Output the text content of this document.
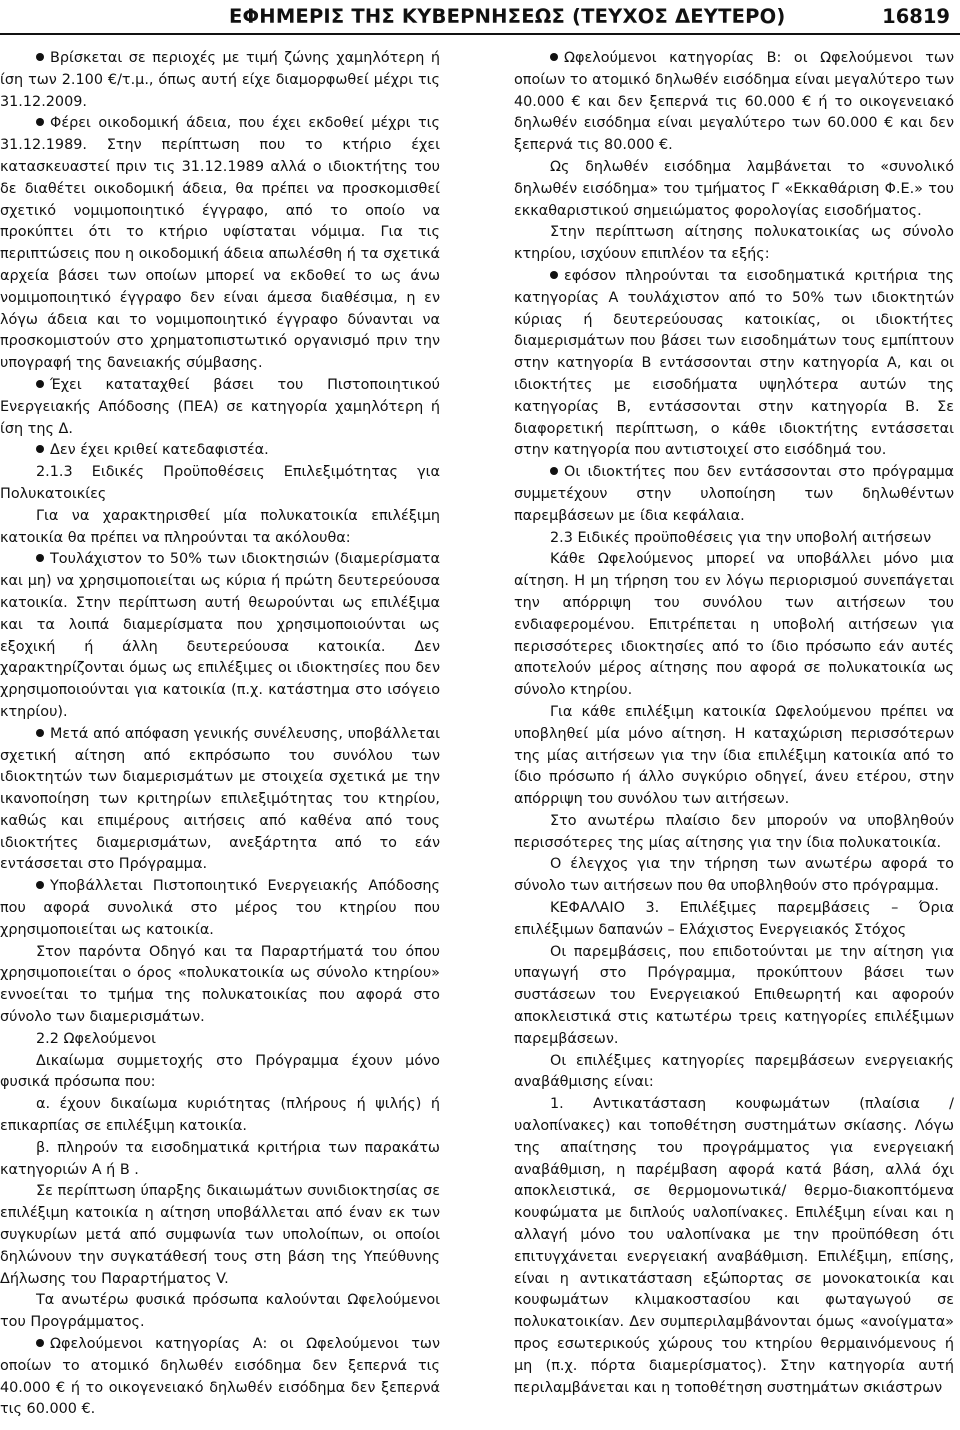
ΕΦΗΜΕΡΙΣ ΤΗΣ ΚΥΒΕΡΝΗΣΕΩΣ (ΤΕΥΧΟΣ ΔΕΥΤΕΡΟ)	16819

Βρίσκεται σε περιοχές με τιμή ζώνης χαμηλότερη ή ίση των 2.100 €/τ.μ., όπως αυτή είχε διαμορφωθεί μέχρι τις 31.12.2009.

Φέρει οικοδομική άδεια, που έχει εκδοθεί μέχρι τις 31.12.1989. Στην περίπτωση που το κτήριο έχει κατασκευαστεί πριν τις 31.12.1989 αλλά ο ιδιοκτήτης του δε διαθέτει οικοδομική άδεια, θα πρέπει να προσκομισθεί σχετικό νομιμοποιητικό έγγραφο, από το οποίο να προκύπτει ότι το κτήριο υφίσταται νόμιμα. Για τις περιπτώσεις που η οικοδομική άδεια απωλέσθη ή τα σχετικά αρχεία βάσει των οποίων μπορεί να εκδοθεί το ως άνω νομιμοποιητικό έγγραφο δεν είναι άμεσα διαθέσιμα, η εν λόγω άδεια και το νομιμοποιητικό έγγραφο δύνανται να προσκομιστούν στο χρηματοπιστωτικό οργανισμό πριν την υπογραφή της δανειακής σύμβασης.

Έχει καταταχθεί βάσει του Πιστοποιητικού Ενεργειακής Απόδοσης (ΠΕΑ) σε κατηγορία χαμηλότερη ή ίση της Δ.

Δεν έχει κριθεί κατεδαφιστέα.

2.1.3 Ειδικές Προϋποθέσεις Επιλεξιμότητας για Πολυκατοικίες

Για να χαρακτηρισθεί μία πολυκατοικία επιλέξιμη κατοικία θα πρέπει να πληρούνται τα ακόλουθα:

Τουλάχιστον το 50% των ιδιοκτησιών (διαμερίσματα και μη) να χρησιμοποιείται ως κύρια ή πρώτη δευτερεύουσα κατοικία. Στην περίπτωση αυτή θεωρούνται ως επιλέξιμα και τα λοιπά διαμερίσματα που χρησιμοποιούνται ως εξοχική ή άλλη δευτερεύουσα κατοικία. Δεν χαρακτηρίζονται όμως ως επιλέξιμες οι ιδιοκτησίες που δεν χρησιμοποιούνται για κατοικία (π.χ. κατάστημα στο ισόγειο κτηρίου).

Μετά από απόφαση γενικής συνέλευσης, υποβάλλεται σχετική αίτηση από εκπρόσωπο του συνόλου των ιδιοκτητών των διαμερισμάτων με στοιχεία σχετικά με την ικανοποίηση των κριτηρίων επιλεξιμότητας του κτηρίου, καθώς και επιμέρους αιτήσεις από καθένα από τους ιδιοκτήτες διαμερισμάτων, ανεξάρτητα από το εάν εντάσσεται στο Πρόγραμμα.

Υποβάλλεται Πιστοποιητικό Ενεργειακής Απόδοσης που αφορά συνολικά στο μέρος του κτηρίου που χρησιμοποιείται ως κατοικία.

Στον παρόντα Οδηγό και τα Παραρτήματά του όπου χρησιμοποιείται ο όρος «πολυκατοικία ως σύνολο κτηρίου» εννοείται το τμήμα της πολυκατοικίας που αφορά στο σύνολο των διαμερισμάτων.

2.2 Ωφελούμενοι

Δικαίωμα συμμετοχής στο Πρόγραμμα έχουν μόνο φυσικά πρόσωπα που:

α. έχουν δικαίωμα κυριότητας (πλήρους ή ψιλής) ή επικαρπίας σε επιλέξιμη κατοικία.

β. πληρούν τα εισοδηματικά κριτήρια των παρακάτω κατηγοριών Α ή Β .

Σε περίπτωση ύπαρξης δικαιωμάτων συνιδιοκτησίας σε επιλέξιμη κατοικία η αίτηση υποβάλλεται από έναν εκ των συγκυρίων μετά από συμφωνία των υπολοίπων, οι οποίοι δηλώνουν την συγκατάθεσή τους στη βάση της Υπεύθυνης Δήλωσης του Παραρτήματος V.

Τα ανωτέρω φυσικά πρόσωπα καλούνται Ωφελούμενοι του Προγράμματος.

Ωφελούμενοι κατηγορίας Α: οι Ωφελούμενοι των οποίων το ατομικό δηλωθέν εισόδημα δεν ξεπερνά τις 40.000 € ή το οικογενειακό δηλωθέν εισόδημα δεν ξεπερνά τις 60.000 €.

Ωφελούμενοι κατηγορίας Β: οι Ωφελούμενοι των οποίων το ατομικό δηλωθέν εισόδημα είναι μεγαλύτερο των 40.000 € και δεν ξεπερνά τις 60.000 € ή το οικογενειακό δηλωθέν εισόδημα είναι μεγαλύτερο των 60.000 € και δεν ξεπερνά τις 80.000 €.

Ως δηλωθέν εισόδημα λαμβάνεται το «συνολικό δηλωθέν εισόδημα» του τμήματος Γ «Εκκαθάριση Φ.Ε.» του εκκαθαριστικού σημειώματος φορολογίας εισοδήματος.

Στην περίπτωση αίτησης πολυκατοικίας ως σύνολο κτηρίου, ισχύουν επιπλέον τα εξής:

εφόσον πληρούνται τα εισοδηματικά κριτήρια της κατηγορίας Α τουλάχιστον από το 50% των ιδιοκτητών κύριας ή δευτερεύουσας κατοικίας, οι ιδιοκτήτες διαμερισμάτων που βάσει των εισοδημάτων τους εμπίπτουν στην κατηγορία Β εντάσσονται στην κατηγορία Α, και οι ιδιοκτήτες με εισοδήματα υψηλότερα αυτών της κατηγορίας Β, εντάσσονται στην κατηγορία Β. Σε διαφορετική περίπτωση, ο κάθε ιδιοκτήτης εντάσσεται στην κατηγορία που αντιστοιχεί στο εισόδημά του.

Οι ιδιοκτήτες που δεν εντάσσονται στο πρόγραμμα συμμετέχουν στην υλοποίηση των δηλωθέντων παρεμβάσεων με ίδια κεφάλαια.

2.3 Ειδικές προϋποθέσεις για την υποβολή αιτήσεων

Κάθε Ωφελούμενος μπορεί να υποβάλλει μόνο μια αίτηση. Η μη τήρηση του εν λόγω περιορισμού συνεπάγεται την απόρριψη του συνόλου των αιτήσεων του ενδιαφερομένου. Επιτρέπεται η υποβολή αιτήσεων για περισσότερες ιδιοκτησίες από το ίδιο πρόσωπο εάν αυτές αποτελούν μέρος αίτησης που αφορά σε πολυκατοικία ως σύνολο κτηρίου.

Για κάθε επιλέξιμη κατοικία Ωφελούμενου πρέπει να υποβληθεί μία μόνο αίτηση. Η καταχώριση περισσότερων της μίας αιτήσεων για την ίδια επιλέξιμη κατοικία από το ίδιο πρόσωπο ή άλλο συγκύριο οδηγεί, άνευ ετέρου, στην απόρριψη του συνόλου των αιτήσεων.

Στο ανωτέρω πλαίσιο δεν μπορούν να υποβληθούν περισσότερες της μίας αίτησης για την ίδια πολυκατοικία.

Ο έλεγχος για την τήρηση των ανωτέρω αφορά το σύνολο των αιτήσεων που θα υποβληθούν στο πρόγραμμα.

ΚΕΦΑΛΑΙΟ 3. Επιλέξιμες παρεμβάσεις – Όρια επιλέξιμων δαπανών – Ελάχιστος Ενεργειακός Στόχος

Οι παρεμβάσεις, που επιδοτούνται με την αίτηση για υπαγωγή στο Πρόγραμμα, προκύπτουν βάσει των συστάσεων του Ενεργειακού Επιθεωρητή και αφορούν αποκλειστικά στις κατωτέρω τρεις κατηγορίες επιλέξιμων παρεμβάσεων.

Οι επιλέξιμες κατηγορίες παρεμβάσεων ενεργειακής αναβάθμισης είναι:

1. Αντικατάσταση κουφωμάτων (πλαίσια / υαλοπίνακες) και τοποθέτηση συστημάτων σκίασης. Λόγω της απαίτησης του προγράμματος για ενεργειακή αναβάθμιση, η παρέμβαση αφορά κατά βάση, αλλά όχι αποκλειστικά, σε θερμομονωτικά/ θερμο-διακοπτόμενα κουφώματα με διπλούς υαλοπίνακες. Επιλέξιμη είναι και η αλλαγή μόνο του υαλοπίνακα με την προϋπόθεση ότι επιτυγχάνεται ενεργειακή αναβάθμιση. Επιλέξιμη, επίσης, είναι η αντικατάσταση εξώπορτας σε μονοκατοικία και κουφωμάτων κλιμακοστασίου και φωταγωγού σε πολυκατοικίαν. Δεν συμπεριλαμβάνονται όμως «ανοίγματα» προς εσωτερικούς χώρους του κτηρίου θερμαινόμενους ή μη (π.χ. πόρτα διαμερίσματος). Στην κατηγορία αυτή περιλαμβάνεται και η τοποθέτηση συστημάτων σκιάστρων
